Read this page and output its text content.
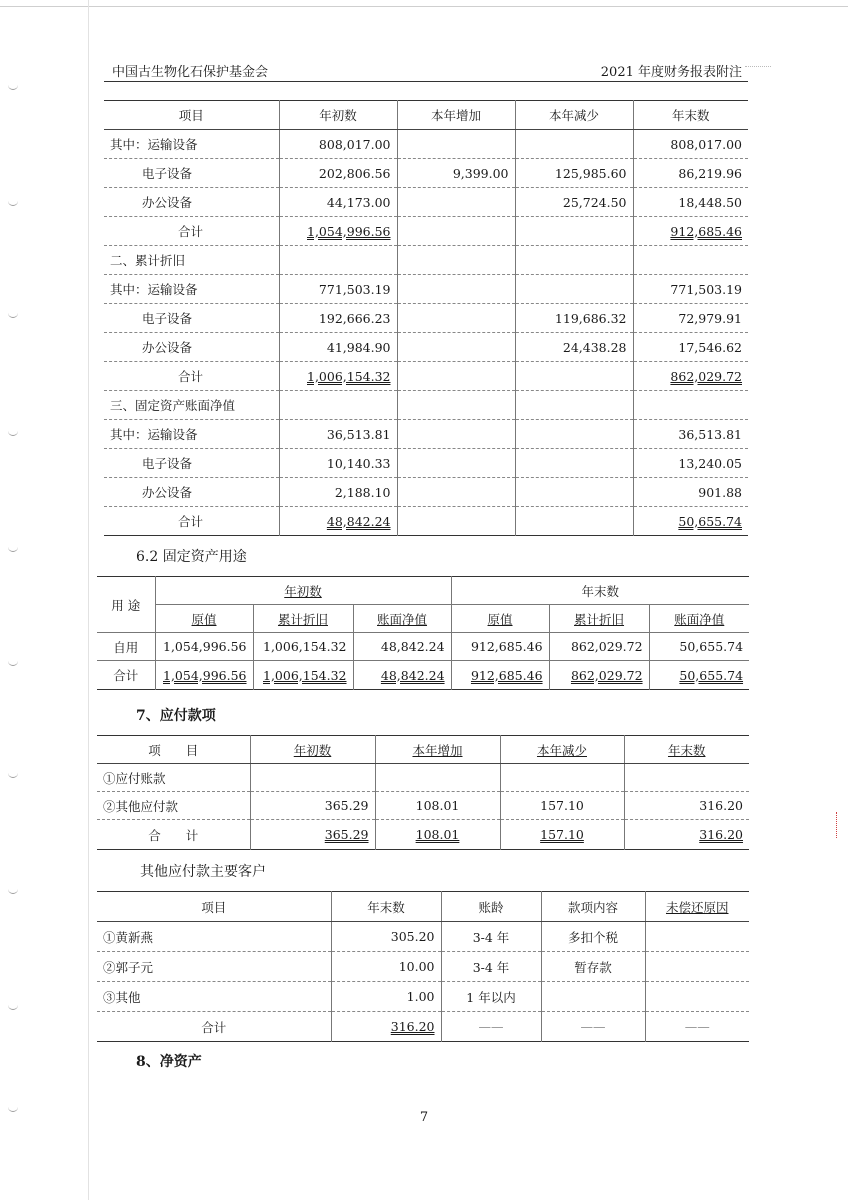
中国古生物化石保护基金会	2021 年度财务报表附注
项目	年初数	本年增加	本年减少	年末数
其中：运输设备	808,017.00			808,017.00
电子设备	202,806.56	9,399.00	125,985.60	86,219.96
办公设备	44,173.00		25,724.50	18,448.50
合计	1,054,996.56			912,685.46
二、累计折旧				
其中：运输设备	771,503.19			771,503.19
电子设备	192,666.23		119,686.32	72,979.91
办公设备	41,984.90		24,438.28	17,546.62
合计	1,006,154.32			862,029.72
三、固定资产账面净值				
其中：运输设备	36,513.81			36,513.81
电子设备	10,140.33			13,240.05
办公设备	2,188.10			901.88
合计	48,842.24			50,655.74
6.2 固定资产用途
用 途	年初数			年末数		
	原值	累计折旧	账面净值	原值	累计折旧	账面净值
自用	1,054,996.56	1,006,154.32	48,842.24	912,685.46	862,029.72	50,655.74
合计	1,054,996.56	1,006,154.32	48,842.24	912,685.46	862,029.72	50,655.74
7、应付款项
项　　目	年初数	本年增加	本年减少	年末数
①应付账款				
②其他应付款	365.29	108.01	157.10	316.20
合　　计	365.29	108.01	157.10	316.20
其他应付款主要客户
项目	年末数	账龄	款项内容	未偿还原因
①黄新燕	305.20	3-4 年	多扣个税	
②郭子元	10.00	3-4 年	暂存款	
③其他	1.00	1 年以内		
合计	316.20	——	——	——
8、净资产
7
